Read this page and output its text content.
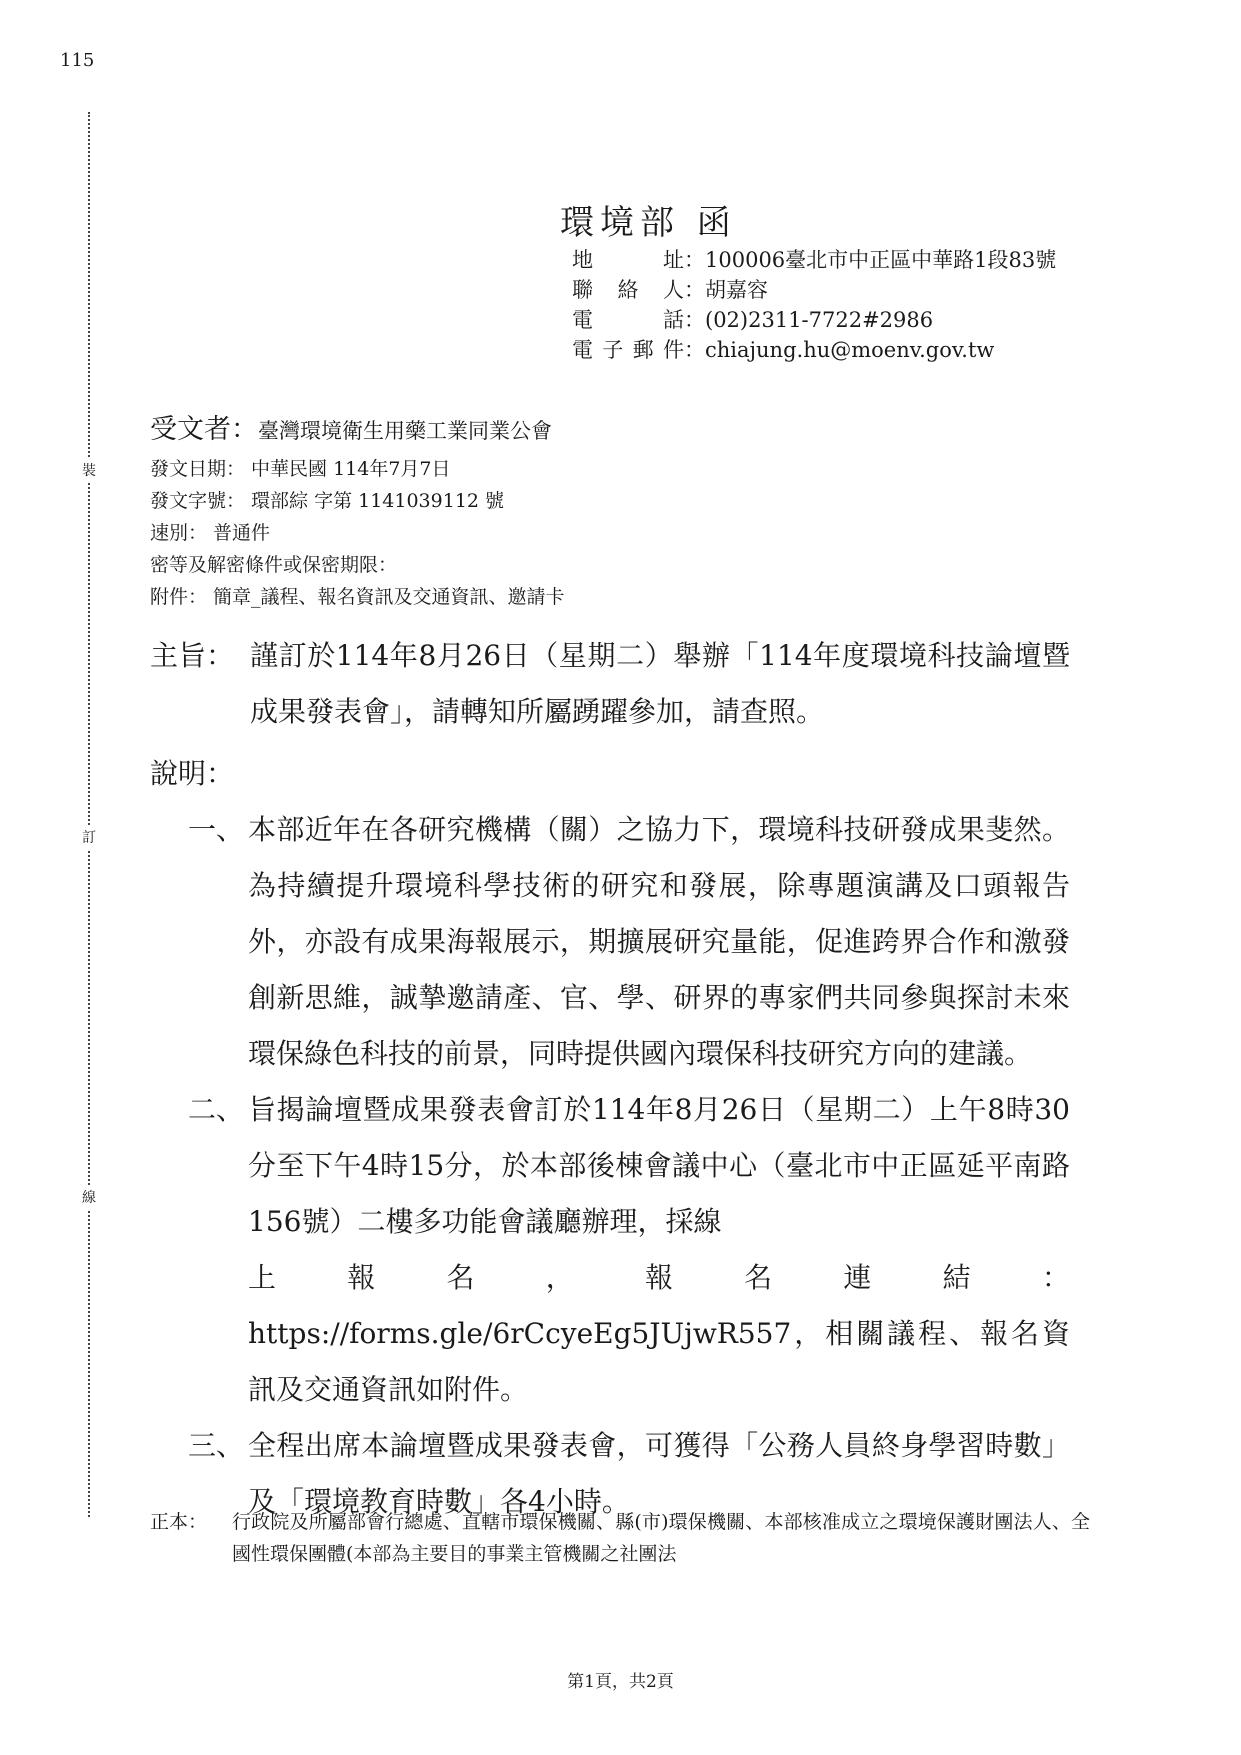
115
裝
訂
線
環境部 函
地址：100006臺北市中正區中華路1段83號
聯絡人：胡嘉容
電話：(02)2311-7722#2986
電子郵件：chiajung.hu@moenv.gov.tw
受文者：臺灣環境衛生用藥工業同業公會
發文日期： 中華民國 114年7月7日
發文字號： 環部綜 字第 1141039112 號
速別： 普通件
密等及解密條件或保密期限：
附件： 簡章_議程、報名資訊及交通資訊、邀請卡
主旨： 謹訂於114年8月26日（星期二）舉辦「114年度環境科技論壇暨成果發表會」，請轉知所屬踴躍參加，請查照。
說明：
一、 本部近年在各研究機構（關）之協力下，環境科技研發成果斐然。為持續提升環境科學技術的研究和發展，除專題演講及口頭報告外，亦設有成果海報展示，期擴展研究量能，促進跨界合作和激發創新思維，誠摯邀請產、官、學、研界的專家們共同參與探討未來環保綠色科技的前景，同時提供國內環保科技研究方向的建議。
二、 旨揭論壇暨成果發表會訂於114年8月26日（星期二）上午8時30分至下午4時15分，於本部後棟會議中心（臺北市中正區延平南路156號）二樓多功能會議廳辦理，採線
上	報	名	，	報	名	連	結	：
https://forms.gle/6rCcyeEg5JUjwR557，相關議程、報名資訊及交通資訊如附件。
三、 全程出席本論壇暨成果發表會，可獲得「公務人員終身學習時數」及「環境教育時數」各4小時。
正本：	行政院及所屬部會行總處、直轄市環保機關、縣(市)環保機關、本部核准成立之環境保護財團法人、全國性環保團體(本部為主要目的事業主管機關之社團法
第1頁，共2頁
